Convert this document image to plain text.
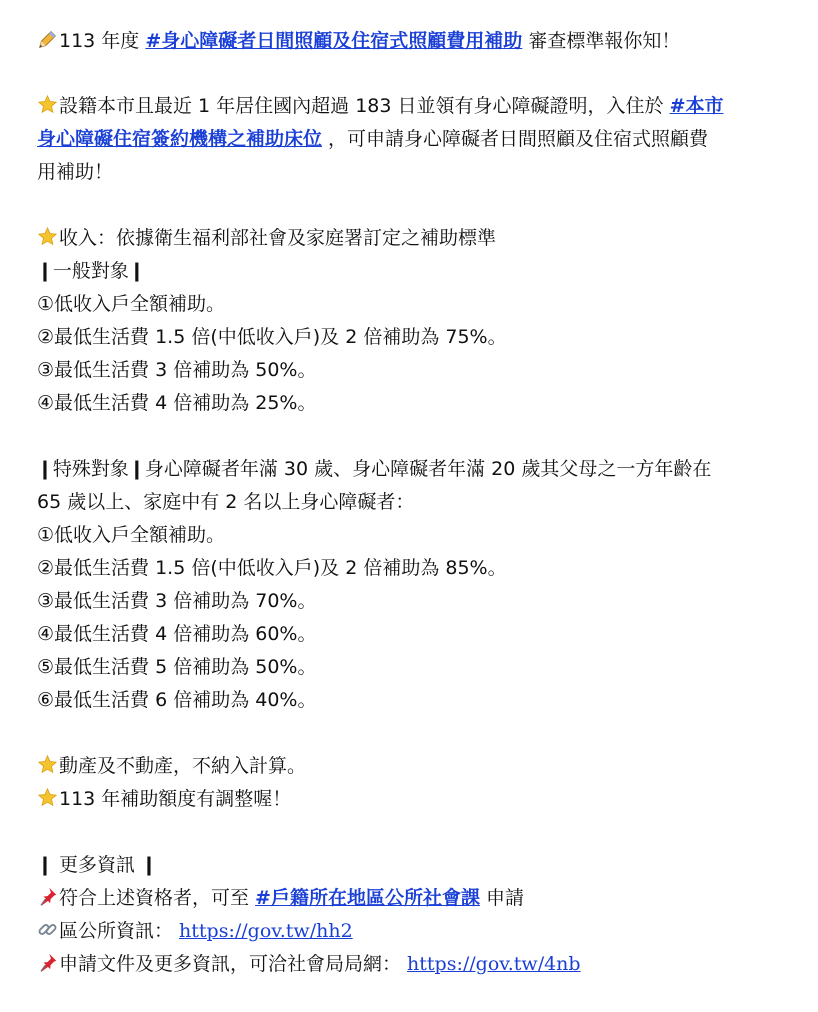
113 年度 #身心障礙者日間照顧及住宿式照顧費用補助 審查標準報你知！
設籍本市且最近 1 年居住國內超過 183 日並領有身心障礙證明，入住於 #本市
身心障礙住宿簽約機構之補助床位 ，可申請身心障礙者日間照顧及住宿式照顧費
用補助！
收入：依據衛生福利部社會及家庭署訂定之補助標準
❙一般對象❙
①低收入戶全額補助。
②最低生活費 1.5 倍(中低收入戶)及 2 倍補助為 75%。
③最低生活費 3 倍補助為 50%。
④最低生活費 4 倍補助為 25%。
❙特殊對象❙身心障礙者年滿 30 歲、身心障礙者年滿 20 歲其父母之一方年齡在
65 歲以上、家庭中有 2 名以上身心障礙者：
①低收入戶全額補助。
②最低生活費 1.5 倍(中低收入戶)及 2 倍補助為 85%。
③最低生活費 3 倍補助為 70%。
④最低生活費 4 倍補助為 60%。
⑤最低生活費 5 倍補助為 50%。
⑥最低生活費 6 倍補助為 40%。
動產及不動產，不納入計算。
113 年補助額度有調整喔！
❙ 更多資訊 ❙
符合上述資格者，可至 #戶籍所在地區公所社會課 申請
區公所資訊： https://gov.tw/hh2
申請文件及更多資訊，可洽社會局局網： https://gov.tw/4nb
